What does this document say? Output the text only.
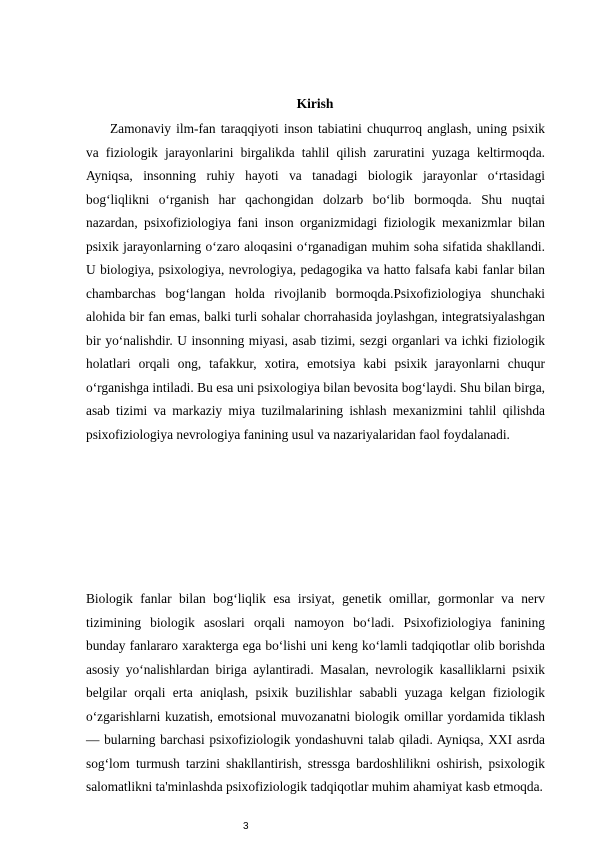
Kirish

Zamonaviy ilm-fan taraqqiyoti inson tabiatini chuqurroq anglash, uning psixik va fiziologik jarayonlarini birgalikda tahlil qilish zaruratini yuzaga keltirmoqda. Ayniqsa, insonning ruhiy hayoti va tanadagi biologik jarayonlar o‘rtasidagi bog‘liqlikni o‘rganish har qachongidan dolzarb bo‘lib bormoqda. Shu nuqtai nazardan, psixofiziologiya fani inson organizmidagi fiziologik mexanizmlar bilan psixik jarayonlarning o‘zaro aloqasini o‘rganadigan muhim soha sifatida shakllandi. U biologiya, psixologiya, nevrologiya, pedagogika va hatto falsafa kabi fanlar bilan chambarchas bog‘langan holda rivojlanib bormoqda.Psixofiziologiya shunchaki alohida bir fan emas, balki turli sohalar chorrahasida joylashgan, integratsiyalashgan bir yo‘nalishdir. U insonning miyasi, asab tizimi, sezgi organlari va ichki fiziologik holatlari orqali ong, tafakkur, xotira, emotsiya kabi psixik jarayonlarni chuqur o‘rganishga intiladi. Bu esa uni psixologiya bilan bevosita bog‘laydi. Shu bilan birga, asab tizimi va markaziy miya tuzilmalarining ishlash mexanizmini tahlil qilishda psixofiziologiya nevrologiya fanining usul va nazariyalaridan faol foydalanadi.

Biologik fanlar bilan bog‘liqlik esa irsiyat, genetik omillar, gormonlar va nerv tizimining biologik asoslari orqali namoyon bo‘ladi. Psixofiziologiya fanining bunday fanlararo xarakterga ega bo‘lishi uni keng ko‘lamli tadqiqotlar olib borishda asosiy yo‘nalishlardan biriga aylantiradi. Masalan, nevrologik kasalliklarni psixik belgilar orqali erta aniqlash, psixik buzilishlar sababli yuzaga kelgan fiziologik o‘zgarishlarni kuzatish, emotsional muvozanatni biologik omillar yordamida tiklash — bularning barchasi psixofiziologik yondashuvni talab qiladi. Ayniqsa, XXI asrda sog‘lom turmush tarzini shakllantirish, stressga bardoshlilikni oshirish, psixologik salomatlikni ta'minlashda psixofiziologik tadqiqotlar muhim ahamiyat kasb etmoqda.

3
